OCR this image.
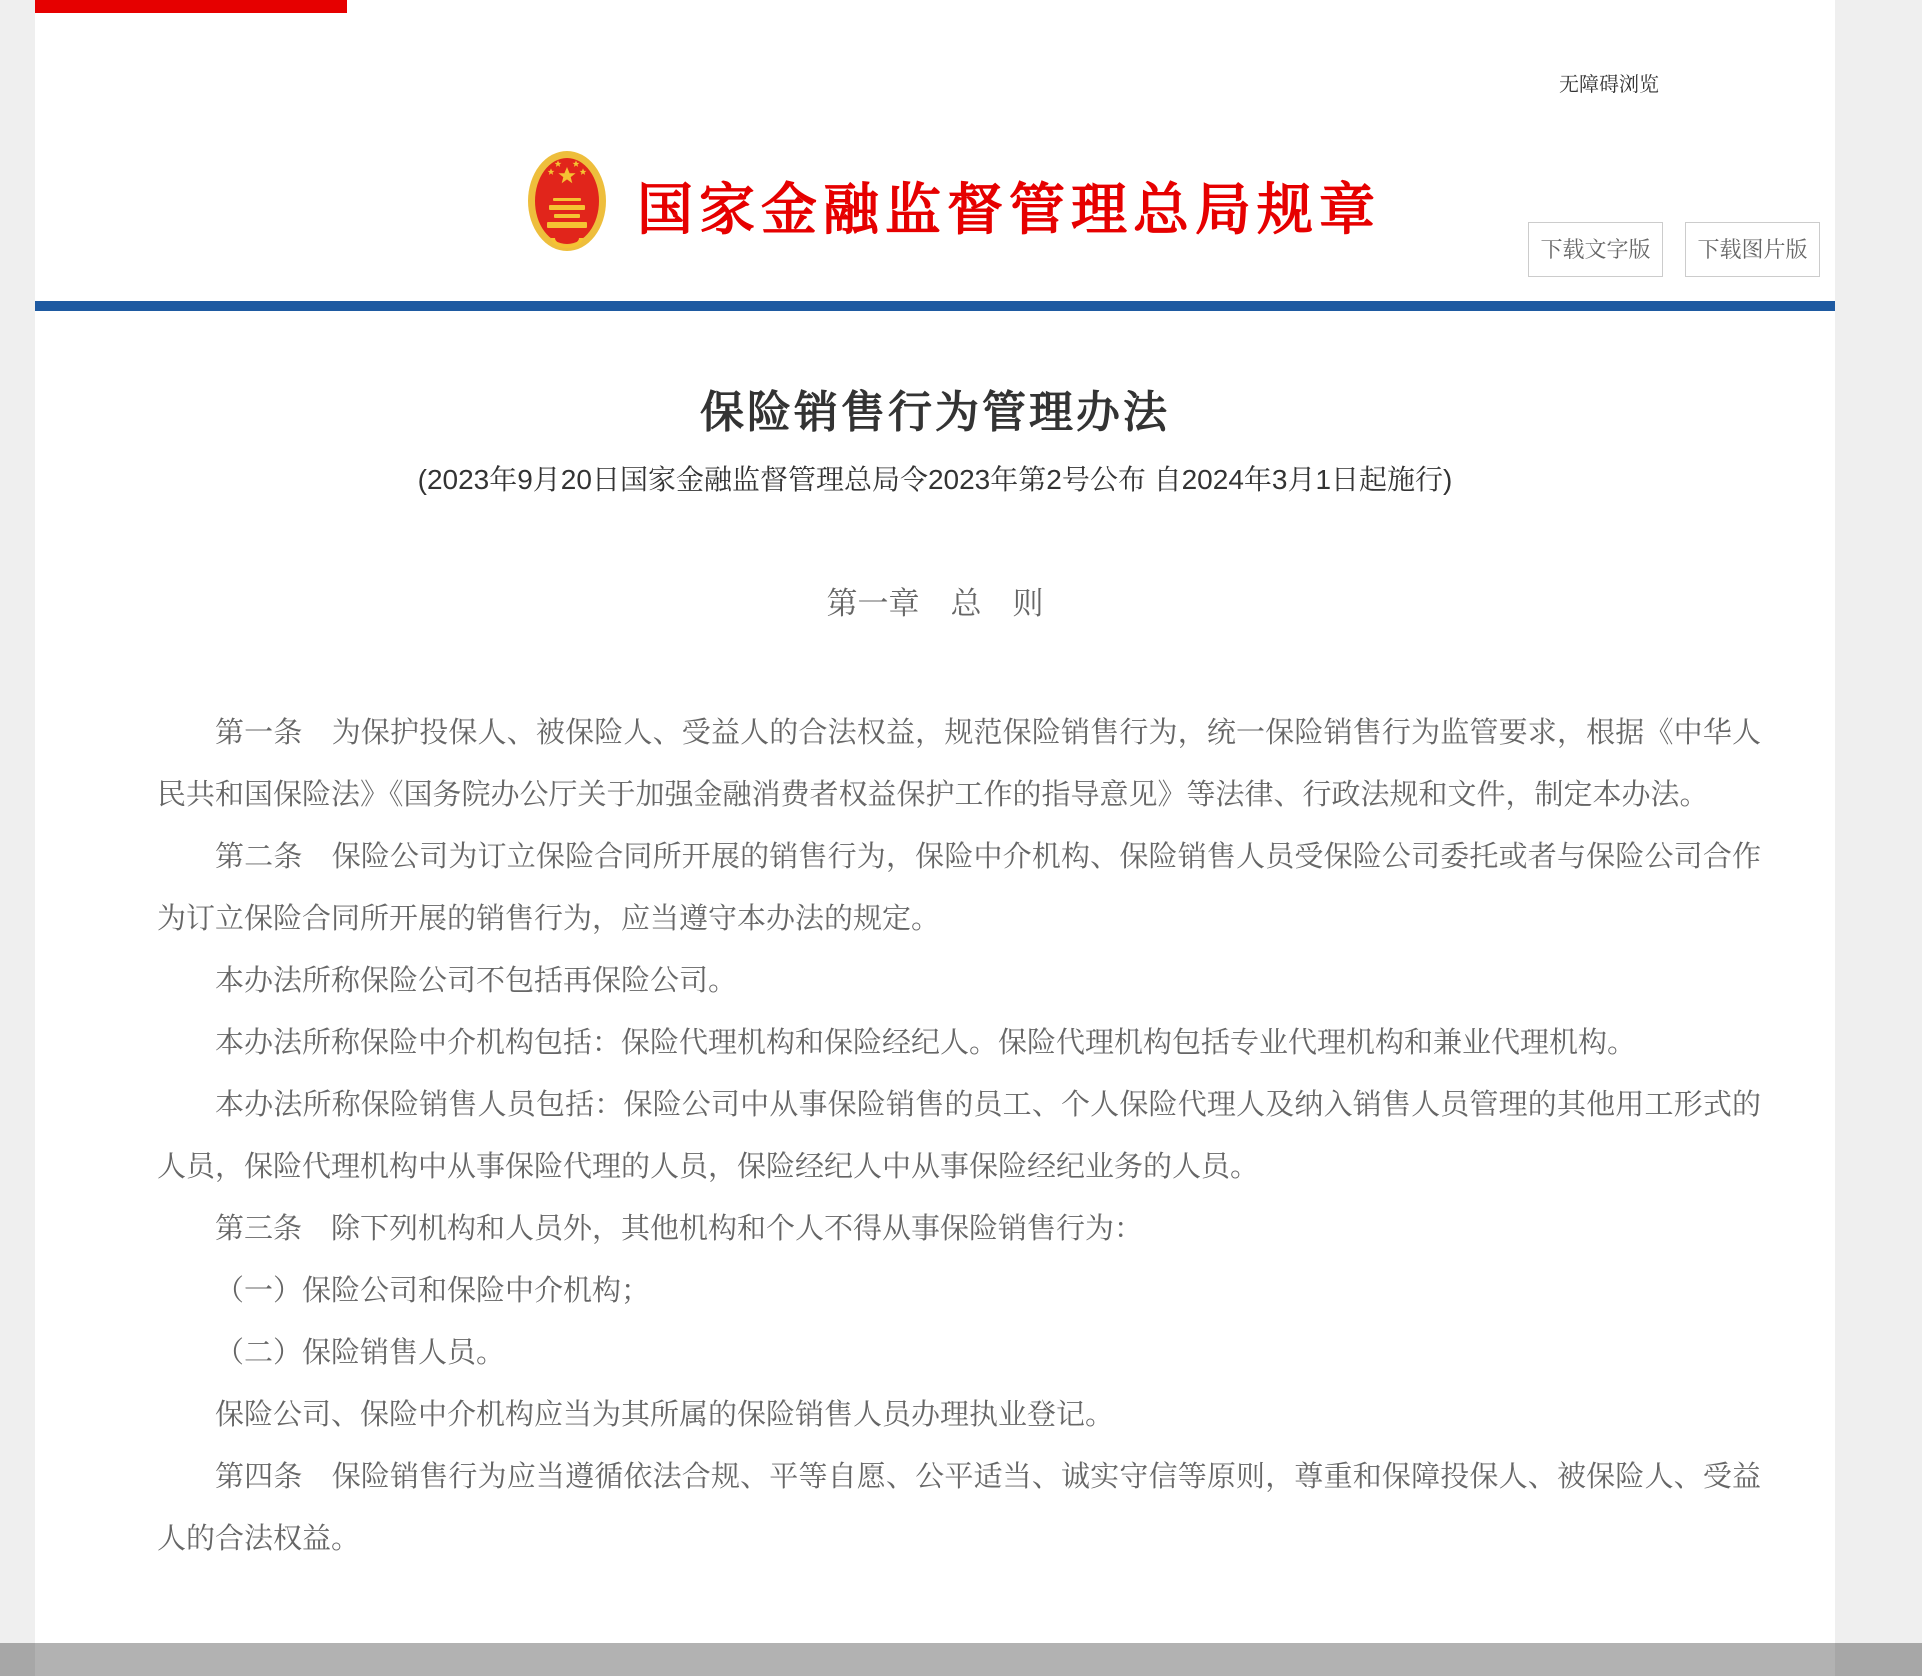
无障碍浏览
国家金融监督管理总局规章
下载文字版	下载图片版
保险销售行为管理办法
(2023年9月20日国家金融监督管理总局令2023年第2号公布 自2024年3月1日起施行)
第一章　总　则

第一条　为保护投保人、被保险人、受益人的合法权益，规范保险销售行为，统一保险销售行为监管要求，根据《中华人民共和国保险法》《国务院办公厅关于加强金融消费者权益保护工作的指导意见》等法律、行政法规和文件，制定本办法。

第二条　保险公司为订立保险合同所开展的销售行为，保险中介机构、保险销售人员受保险公司委托或者与保险公司合作为订立保险合同所开展的销售行为，应当遵守本办法的规定。

本办法所称保险公司不包括再保险公司。

本办法所称保险中介机构包括：保险代理机构和保险经纪人。保险代理机构包括专业代理机构和兼业代理机构。

本办法所称保险销售人员包括：保险公司中从事保险销售的员工、个人保险代理人及纳入销售人员管理的其他用工形式的人员，保险代理机构中从事保险代理的人员，保险经纪人中从事保险经纪业务的人员。

第三条　除下列机构和人员外，其他机构和个人不得从事保险销售行为：

（一）保险公司和保险中介机构；

（二）保险销售人员。

保险公司、保险中介机构应当为其所属的保险销售人员办理执业登记。

第四条　保险销售行为应当遵循依法合规、平等自愿、公平适当、诚实守信等原则，尊重和保障投保人、被保险人、受益人的合法权益。
